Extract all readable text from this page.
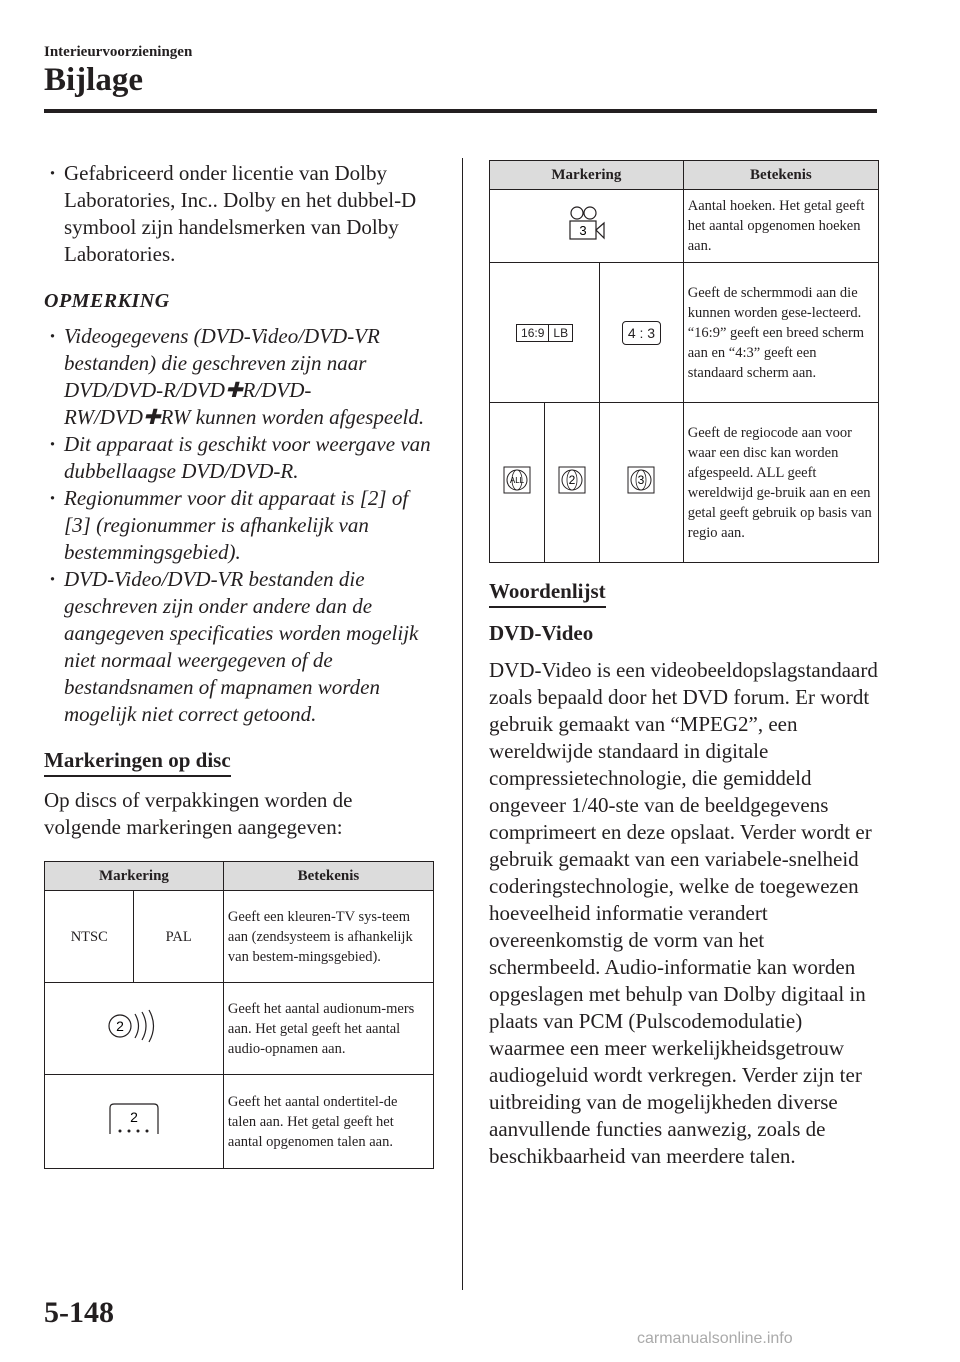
Interieurvoorzieningen
Bijlage
· Gefabriceerd onder licentie van Dolby Laboratories, Inc.. Dolby en het dubbel-D symbool zijn handelsmerken van Dolby Laboratories.
OPMERKING
· Videogegevens (DVD-Video/DVD-VR bestanden) die geschreven zijn naar DVD/DVD-R/DVD✚R/DVD-RW/DVD✚RW kunnen worden afgespeeld.
· Dit apparaat is geschikt voor weergave van dubbellaagse DVD/DVD-R.
· Regionummer voor dit apparaat is [2] of [3] (regionummer is afhankelijk van bestemmingsgebied).
· DVD-Video/DVD-VR bestanden die geschreven zijn onder andere dan de aangegeven specificaties worden mogelijk niet normaal weergegeven of de bestandsnamen of mapnamen worden mogelijk niet correct getoond.
Markeringen op disc
Op discs of verpakkingen worden de volgende markeringen aangegeven:
Markering		Betekenis
NTSC	PAL	Geeft een kleuren-TV sys-teem aan (zendsysteem is afhankelijk van bestem-mingsgebied).

2		Geeft het aantal audionum-mers aan. Het getal geeft het aantal audio-opnamen aan.

2		Geeft het aantal ondertitel-de talen aan. Het getal geeft het aantal opgenomen talen aan.
Markering			Betekenis

3			Aantal hoeken. Het getal geeft het aantal opgenomen hoeken aan.

16:9 LB		4 : 3	Geeft de schermmodi aan die kunnen worden gese-lecteerd. “16:9” geeft een breed scherm aan en “4:3” geeft een standaard scherm aan.

ALL	2	3	Geeft de regiocode aan voor waar een disc kan worden afgespeeld. ALL geeft wereldwijd ge-bruik aan en een getal geeft gebruik op basis van regio aan.
Woordenlijst
DVD-Video
DVD-Video is een videobeeldopslagstandaard zoals bepaald door het DVD forum. Er wordt gebruik gemaakt van “MPEG2”, een wereldwijde standaard in digitale compressietechnologie, die gemiddeld ongeveer 1/40-ste van de beeldgegevens comprimeert en deze opslaat. Verder wordt er gebruik gemaakt van een variabele-snelheid coderingstechnologie, welke de toegewezen hoeveelheid informatie verandert overeenkomstig de vorm van het schermbeeld. Audio-informatie kan worden opgeslagen met behulp van Dolby digitaal in plaats van PCM (Pulscodemodulatie) waarmee een meer werkelijkheidsgetrouw audiogeluid wordt verkregen. Verder zijn ter uitbreiding van de mogelijkheden diverse aanvullende functies aanwezig, zoals de beschikbaarheid van meerdere talen.
5-148
carmanualsonline.info
